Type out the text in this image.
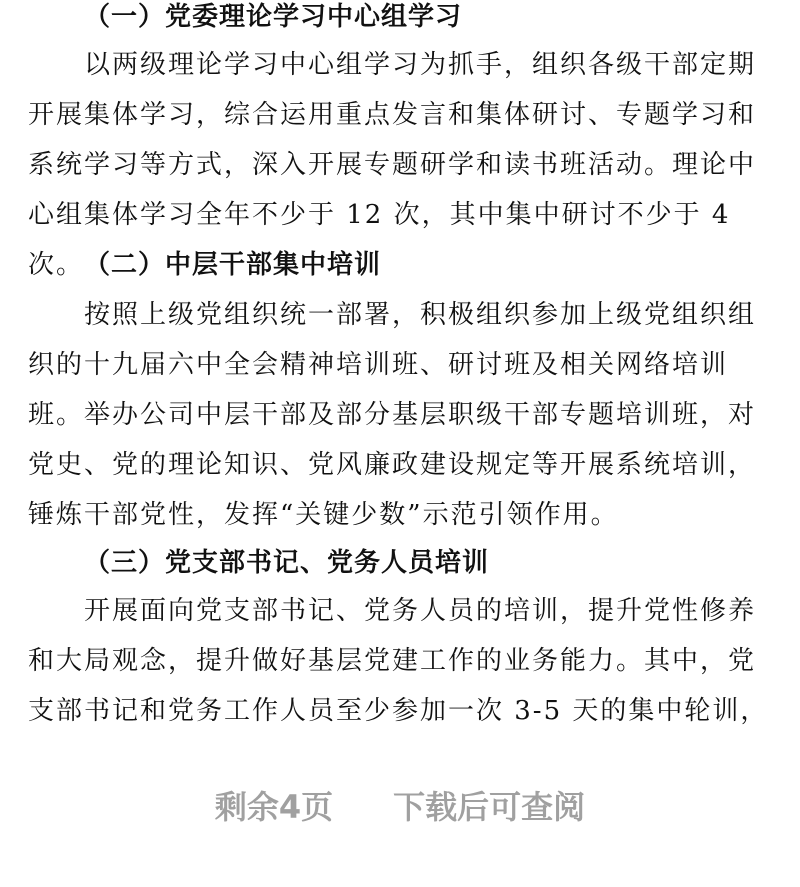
（一）党委理论学习中心组学习

以两级理论学习中心组学习为抓手，组织各级干部定期开展集体学习，综合运用重点发言和集体研讨、专题学习和系统学习等方式，深入开展专题研学和读书班活动。理论中心组集体学习全年不少于 12 次，其中集中研讨不少于 4 次。 （二）中层干部集中培训

按照上级党组织统一部署，积极组织参加上级党组织组织的十九届六中全会精神培训班、研讨班及相关网络培训班。举办公司中层干部及部分基层职级干部专题培训班，对党史、党的理论知识、党风廉政建设规定等开展系统培训，锤炼干部党性，发挥“关键少数”示范引领作用。

（三）党支部书记、党务人员培训

开展面向党支部书记、党务人员的培训，提升党性修养和大局观念，提升做好基层党建工作的业务能力。其中，党支部书记和党务工作人员至少参加一次 3-5 天的集中轮训，

剩余4页 下载后可查阅
